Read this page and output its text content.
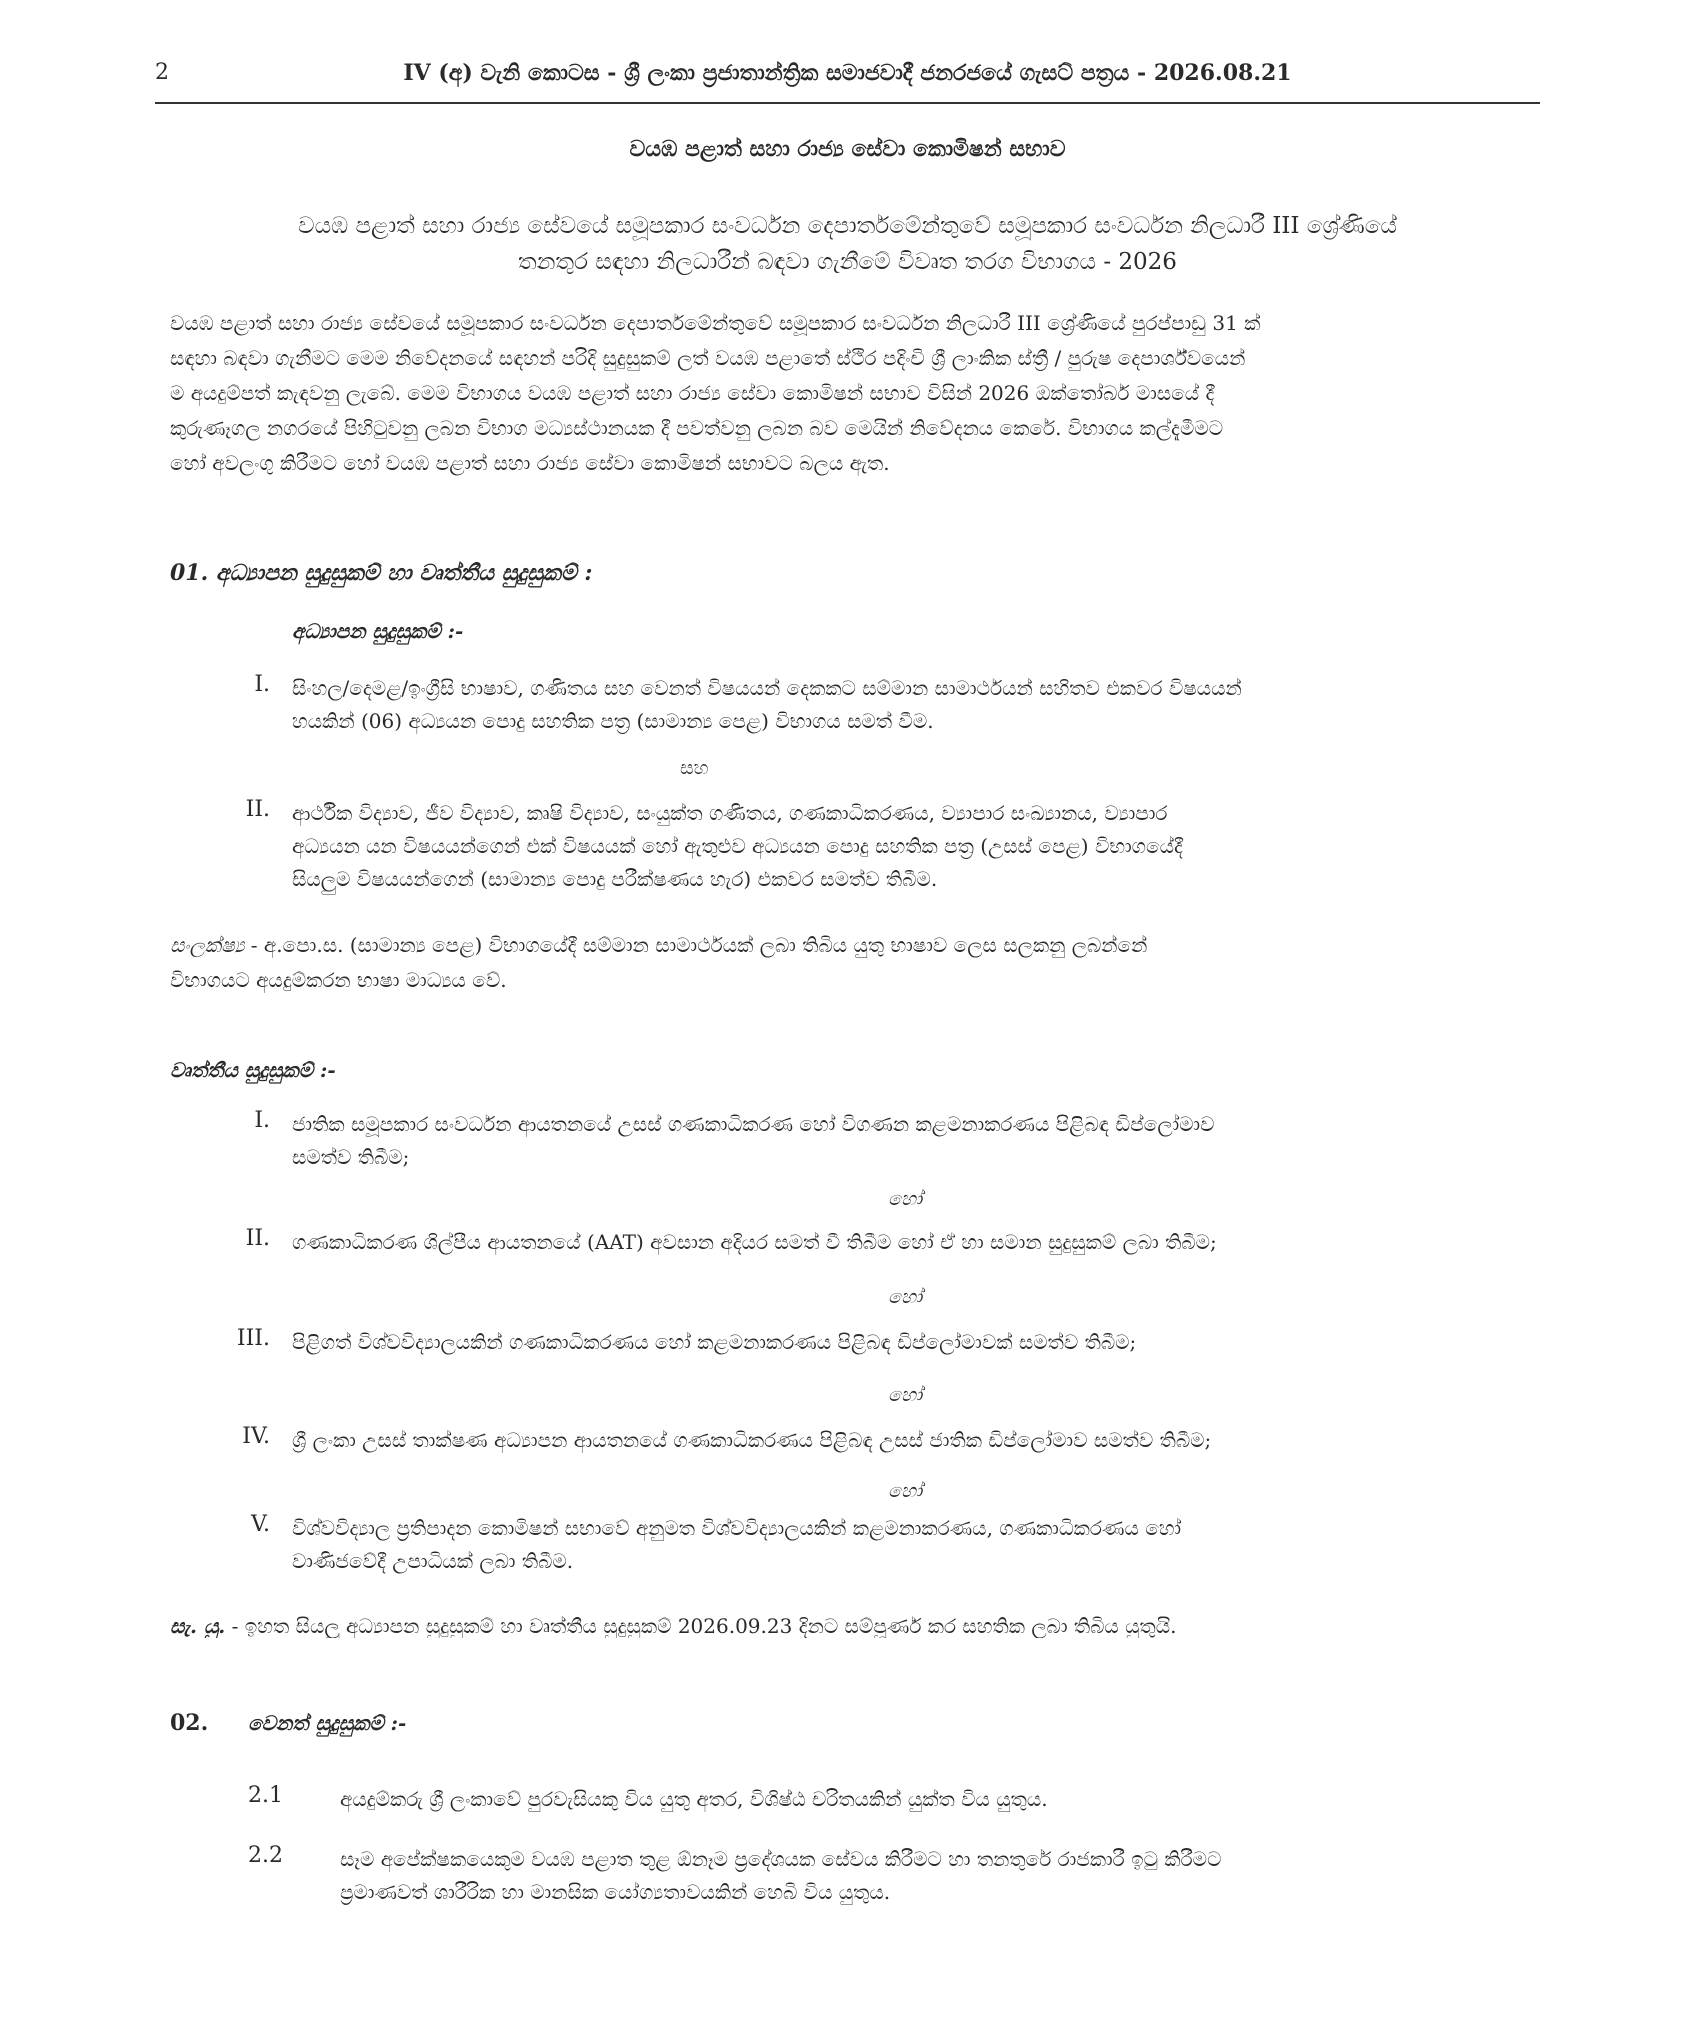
2	IV (අ) වැනි කොටස - ශ්‍රී ලංකා ප්‍රජාතාන්ත්‍රික සමාජවාදී ජනරජයේ ගැසට් පත්‍රය - 2026.08.21
වයඹ පළාත් සහා රාජ්‍ය සේවා කොමිෂන් සභාව
වයඹ පළාත් සහා රාජ්‍ය සේවයේ සමූපකාර සංවර්ධන දෙපාර්තමේන්තුවේ සමූපකාර සංවර්ධන නිලධාරී III ශ්‍රේණියේ
තනතුර සඳහා නිලධාරීන් බඳවා ගැනීමේ විවෘත තරග විභාගය - 2026
වයඹ පළාත් සහා රාජ්‍ය සේවයේ සමූපකාර සංවර්ධන දෙපාර්තමේන්තුවේ සමූපකාර සංවර්ධන නිලධාරී III ශ්‍රේණියේ පුරප්පාඩු 31 ක්
සඳහා බඳවා ගැනීමට මෙම නිවේදනයේ සඳහන් පරිදි සුදුසුකම් ලත් වයඹ පළාතේ ස්ථිර පදිංචි ශ්‍රී ලාංකික ස්ත්‍රී / පුරුෂ දෙපාර්ශ්වයෙන්
ම අයදුම්පත් කැඳවනු ලැබේ. මෙම විභාගය වයඹ පළාත් සහා රාජ්‍ය සේවා කොමිෂන් සභාව විසින් 2026 ඔක්තෝබර් මාසයේ දී
කුරුණෑගල නගරයේ පිහිටුවනු ලබන විභාග මධ්‍යස්ථානයක දී පවත්වනු ලබන බව මෙයින් නිවේදනය කෙරේ. විභාගය කල්දැමීමට
හෝ අවලංගු කිරීමට හෝ වයඹ පළාත් සහා රාජ්‍ය සේවා කොමිෂන් සභාවට බලය ඇත.
01. අධ්‍යාපන සුදුසුකම් හා වෘත්තීය සුදුසුකම් :
අධ්‍යාපන සුදුසුකම් :-
I. සිංහල/දෙමළ/ඉංග්‍රීසි භාෂාව, ගණිතය සහ වෙනත් විෂයයන් දෙකකට සම්මාන සාමාර්ථයන් සහිතව එකවර විෂයයන්
හයකින් (06) අධ්‍යයන පොදු සහතික පත්‍ර (සාමාන්‍ය පෙළ) විභාගය සමත් වීම.
සහ
II. ආර්ථික විද්‍යාව, ජීව විද්‍යාව, කෘෂි විද්‍යාව, සංයුක්ත ගණිතය, ගණකාධිකරණය, ව්‍යාපාර සංඛ්‍යානය, ව්‍යාපාර
අධ්‍යයන යන විෂයයන්ගෙන් එක් විෂයයක් හෝ ඇතුළුව අධ්‍යයන පොදු සහතික පත්‍ර (උසස් පෙළ) විභාගයේදී
සියලුම විෂයයන්ගෙන් (සාමාන්‍ය පොදු පරීක්ෂණය හැර) එකවර සමත්ව තිබීම.
සංලක්ෂ්‍ය - අ.පො.ස. (සාමාන්‍ය පෙළ) විභාගයේදී සම්මාන සාමාර්ථයක් ලබා තිබිය යුතු භාෂාව ලෙස සලකනු ලබන්නේ
විභාගයට අයදුම්කරන භාෂා මාධ්‍යය වේ.
වෘත්තීය සුදුසුකම් :-
I. ජාතික සමූපකාර සංවර්ධන ආයතනයේ උසස් ගණකාධිකරණ හෝ විගණන කළමනාකරණය පිළිබඳ ඩිප්ලෝමාව
සමත්ව තිබීම;
හෝ
II. ගණකාධිකරණ ශිල්පීය ආයතනයේ (AAT) අවසාන අදියර සමත් වී තිබීම හෝ ඒ හා සමාන සුදුසුකම් ලබා තිබීම;
හෝ
III. පිළිගත් විශ්වවිද්‍යාලයකින් ගණකාධිකරණය හෝ කළමනාකරණය පිළිබඳ ඩිප්ලෝමාවක් සමත්ව තිබීම;
හෝ
IV. ශ්‍රී ලංකා උසස් තාක්ෂණ අධ්‍යාපන ආයතනයේ ගණකාධිකරණය පිළිබඳ උසස් ජාතික ඩිප්ලෝමාව සමත්ව තිබීම;
හෝ
V. විශ්වවිද්‍යාල ප්‍රතිපාදන කොමිෂන් සභාවේ අනුමත විශ්වවිද්‍යාලයකින් කළමනාකරණය, ගණකාධිකරණය හෝ
වාණිජවේදී උපාධියක් ලබා තිබීම.
සැ. යු. - ඉහත සියලු අධ්‍යාපන සුදුසුකම් හා වෘත්තීය සුදුසුකම් 2026.09.23 දිනට සම්පූර්ණ කර සහතික ලබා තිබිය යුතුයි.
02. වෙනත් සුදුසුකම් :-
2.1	අයදුම්කරු ශ්‍රී ලංකාවේ පුරවැසියකු විය යුතු අතර, විශිෂ්ඨ චරිතයකින් යුක්ත විය යුතුය.
2.2	සෑම අපේක්ෂකයෙකුම වයඹ පළාත තුළ ඕනෑම ප්‍රදේශයක සේවය කිරීමට හා තනතුරේ රාජකාරී ඉටු කිරීමට
ප්‍රමාණවත් ශාරීරික හා මානසික යෝග්‍යතාවයකින් හෙබි විය යුතුය.
